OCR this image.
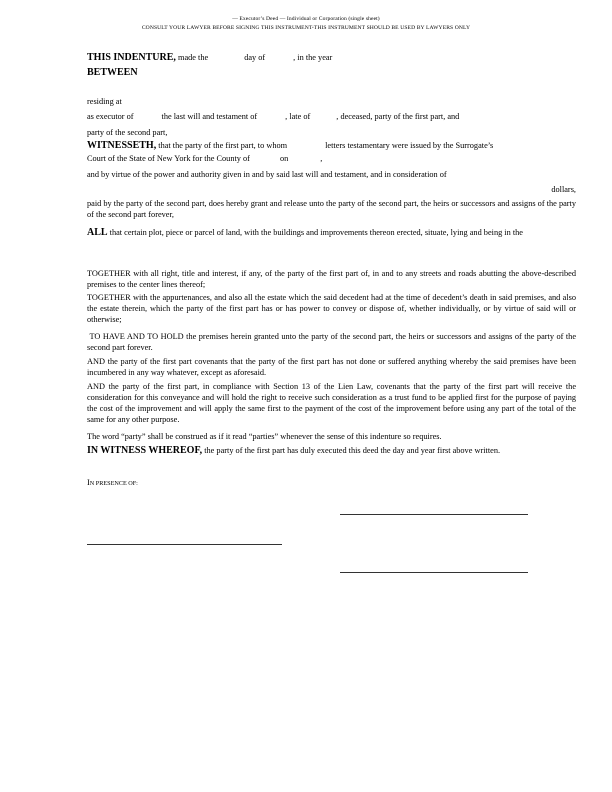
— Executor’s Deed — Individual or Corporation (single sheet)
CONSULT YOUR LAWYER BEFORE SIGNING THIS INSTRUMENT-THIS INSTRUMENT SHOULD BE USED BY LAWYERS ONLY
THIS INDENTURE, made the	day of	, in the year
BETWEEN
residing at
as executor of	the last will and testament of	, late of	, deceased, party of the first part, and
party of the second part,
WITNESSETH, that the party of the first part, to whom	letters testamentary were issued by the Surrogate’s
Court of the State of New York for the County of	on	,
and by virtue of the power and authority given in and by said last will and testament, and in consideration of
dollars,
paid by the party of the second part, does hereby grant and release unto the party of the second part, the heirs or successors and assigns of the party of the second part forever,
ALL that certain plot, piece or parcel of land, with the buildings and improvements thereon erected, situate, lying and being in the
TOGETHER with all right, title and interest, if any, of the party of the first part of, in and to any streets and roads abutting the above-described premises to the center lines thereof;
TOGETHER with the appurtenances, and also all the estate which the said decedent had at the time of decedent’s death in said premises, and also the estate therein, which the party of the first part has or has power to convey or dispose of, whether individually, or by virtue of said will or otherwise;
TO HAVE AND TO HOLD the premises herein granted unto the party of the second part, the heirs or successors and assigns of the party of the second part forever.
AND the party of the first part covenants that the party of the first part has not done or suffered anything whereby the said premises have been incumbered in any way whatever, except as aforesaid.
AND the party of the first part, in compliance with Section 13 of the Lien Law, covenants that the party of the first part will receive the consideration for this conveyance and will hold the right to receive such consideration as a trust fund to be applied first for the purpose of paying the cost of the improvement and will apply the same first to the payment of the cost of the improvement before using any part of the total of the same for any other purpose.
The word “party” shall be construed as if it read “parties” whenever the sense of this indenture so requires.
IN WITNESS WHEREOF, the party of the first part has duly executed this deed the day and year first above written.
IN PRESENCE OF:
